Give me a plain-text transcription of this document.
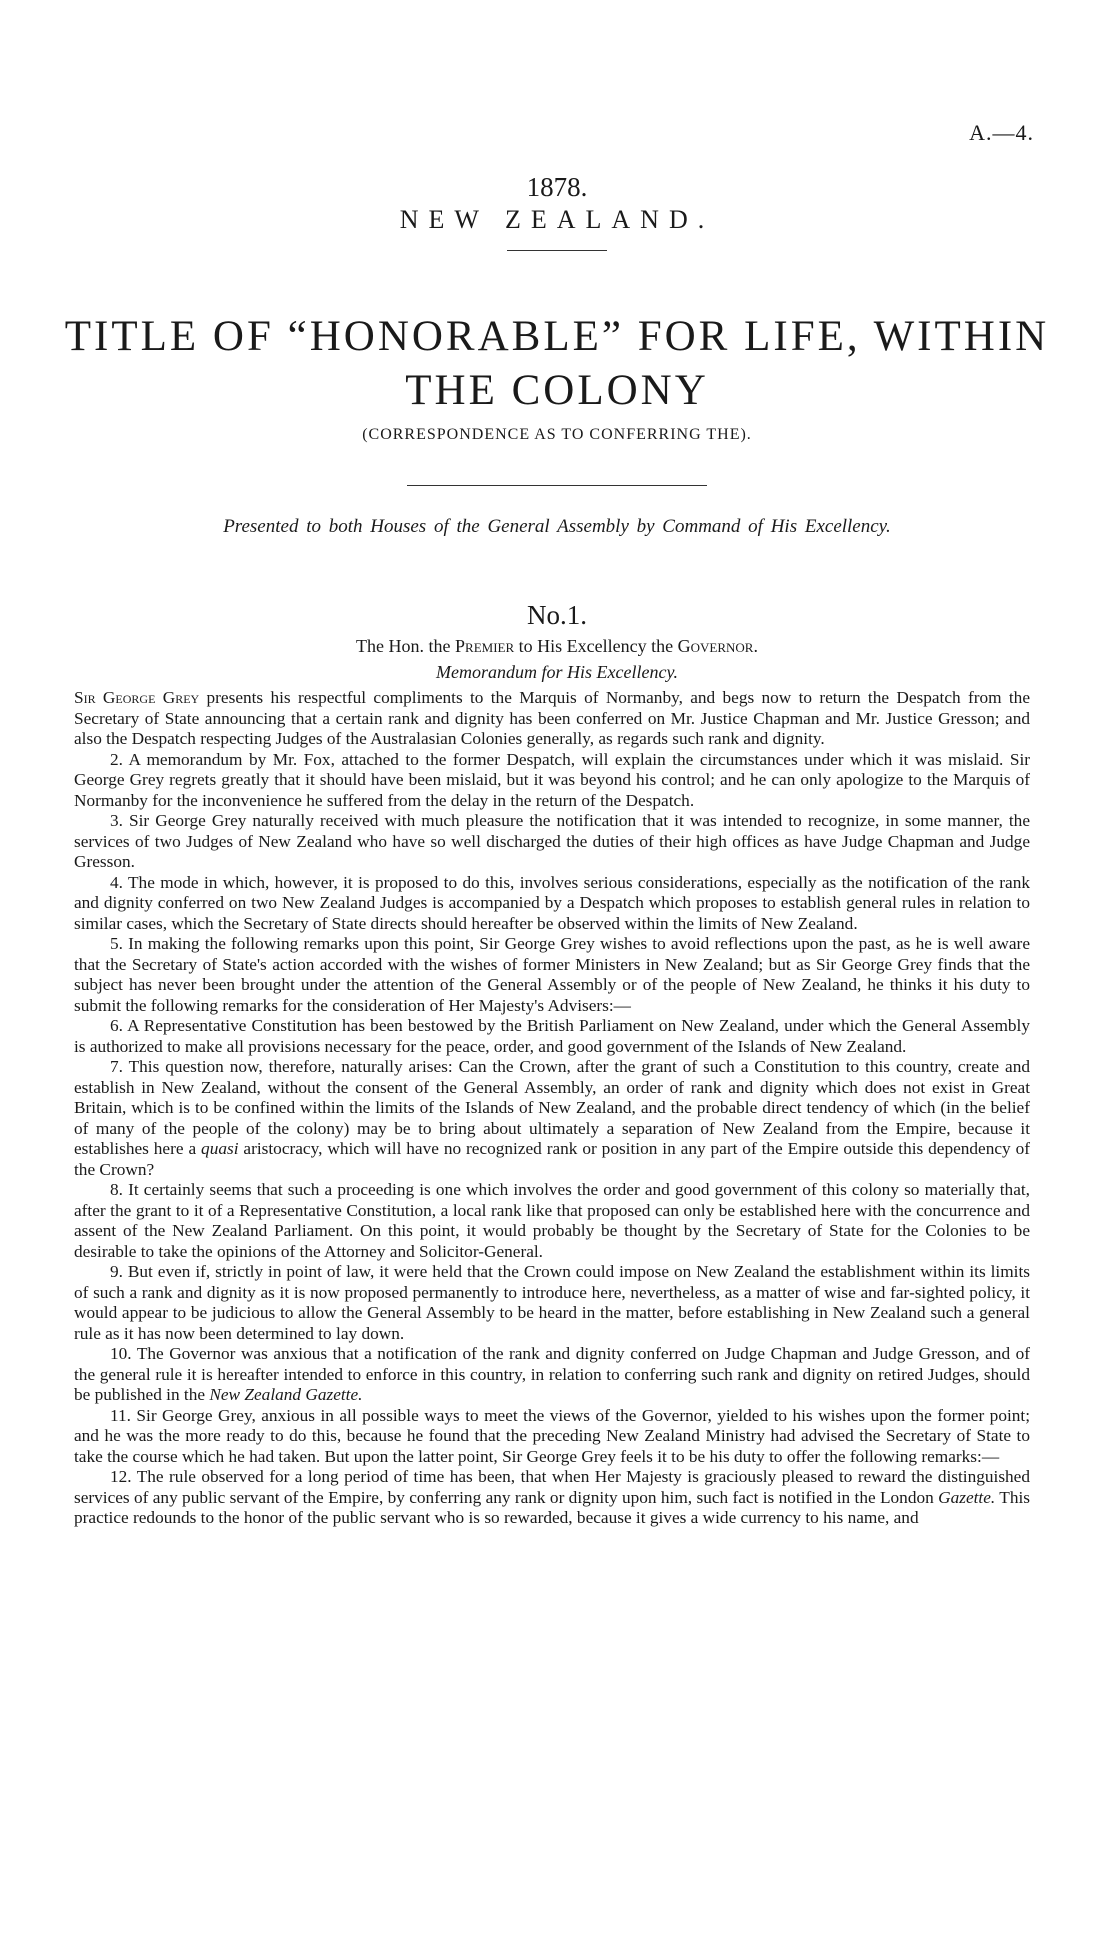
A.—4.
1878.
NEW ZEALAND.
TITLE OF “HONORABLE” FOR LIFE, WITHIN THE COLONY
(CORRESPONDENCE AS TO CONFERRING THE).
Presented to both Houses of the General Assembly by Command of His Excellency.
No.1.
The Hon. the Premier to His Excellency the Governor.
Memorandum for His Excellency.

Sir George Grey presents his respectful compliments to the Marquis of Normanby, and begs now to return the Despatch from the Secretary of State announcing that a certain rank and dignity has been conferred on Mr. Justice Chapman and Mr. Justice Gresson; and also the Despatch respecting Judges of the Australasian Colonies generally, as regards such rank and dignity.

2. A memorandum by Mr. Fox, attached to the former Despatch, will explain the circumstances under which it was mislaid. Sir George Grey regrets greatly that it should have been mislaid, but it was beyond his control; and he can only apologize to the Marquis of Normanby for the inconvenience he suffered from the delay in the return of the Despatch.

3. Sir George Grey naturally received with much pleasure the notification that it was intended to recognize, in some manner, the services of two Judges of New Zealand who have so well discharged the duties of their high offices as have Judge Chapman and Judge Gresson.

4. The mode in which, however, it is proposed to do this, involves serious considerations, especially as the notification of the rank and dignity conferred on two New Zealand Judges is accompanied by a Despatch which proposes to establish general rules in relation to similar cases, which the Secretary of State directs should hereafter be observed within the limits of New Zealand.

5. In making the following remarks upon this point, Sir George Grey wishes to avoid reflections upon the past, as he is well aware that the Secretary of State's action accorded with the wishes of former Ministers in New Zealand; but as Sir George Grey finds that the subject has never been brought under the attention of the General Assembly or of the people of New Zealand, he thinks it his duty to submit the following remarks for the consideration of Her Majesty's Advisers:—

6. A Representative Constitution has been bestowed by the British Parliament on New Zealand, under which the General Assembly is authorized to make all provisions necessary for the peace, order, and good government of the Islands of New Zealand.

7. This question now, therefore, naturally arises: Can the Crown, after the grant of such a Constitution to this country, create and establish in New Zealand, without the consent of the General Assembly, an order of rank and dignity which does not exist in Great Britain, which is to be confined within the limits of the Islands of New Zealand, and the probable direct tendency of which (in the belief of many of the people of the colony) may be to bring about ultimately a separation of New Zealand from the Empire, because it establishes here a quasi aristocracy, which will have no recognized rank or position in any part of the Empire outside this dependency of the Crown?

8. It certainly seems that such a proceeding is one which involves the order and good government of this colony so materially that, after the grant to it of a Representative Constitution, a local rank like that proposed can only be established here with the concurrence and assent of the New Zealand Parliament. On this point, it would probably be thought by the Secretary of State for the Colonies to be desirable to take the opinions of the Attorney and Solicitor-General.

9. But even if, strictly in point of law, it were held that the Crown could impose on New Zealand the establishment within its limits of such a rank and dignity as it is now proposed permanently to introduce here, nevertheless, as a matter of wise and far-sighted policy, it would appear to be judicious to allow the General Assembly to be heard in the matter, before establishing in New Zealand such a general rule as it has now been determined to lay down.

10. The Governor was anxious that a notification of the rank and dignity conferred on Judge Chapman and Judge Gresson, and of the general rule it is hereafter intended to enforce in this country, in relation to conferring such rank and dignity on retired Judges, should be published in the New Zealand Gazette.

11. Sir George Grey, anxious in all possible ways to meet the views of the Governor, yielded to his wishes upon the former point; and he was the more ready to do this, because he found that the preceding New Zealand Ministry had advised the Secretary of State to take the course which he had taken. But upon the latter point, Sir George Grey feels it to be his duty to offer the following remarks:—

12. The rule observed for a long period of time has been, that when Her Majesty is graciously pleased to reward the distinguished services of any public servant of the Empire, by conferring any rank or dignity upon him, such fact is notified in the London Gazette. This practice redounds to the honor of the public servant who is so rewarded, because it gives a wide currency to his name, and
